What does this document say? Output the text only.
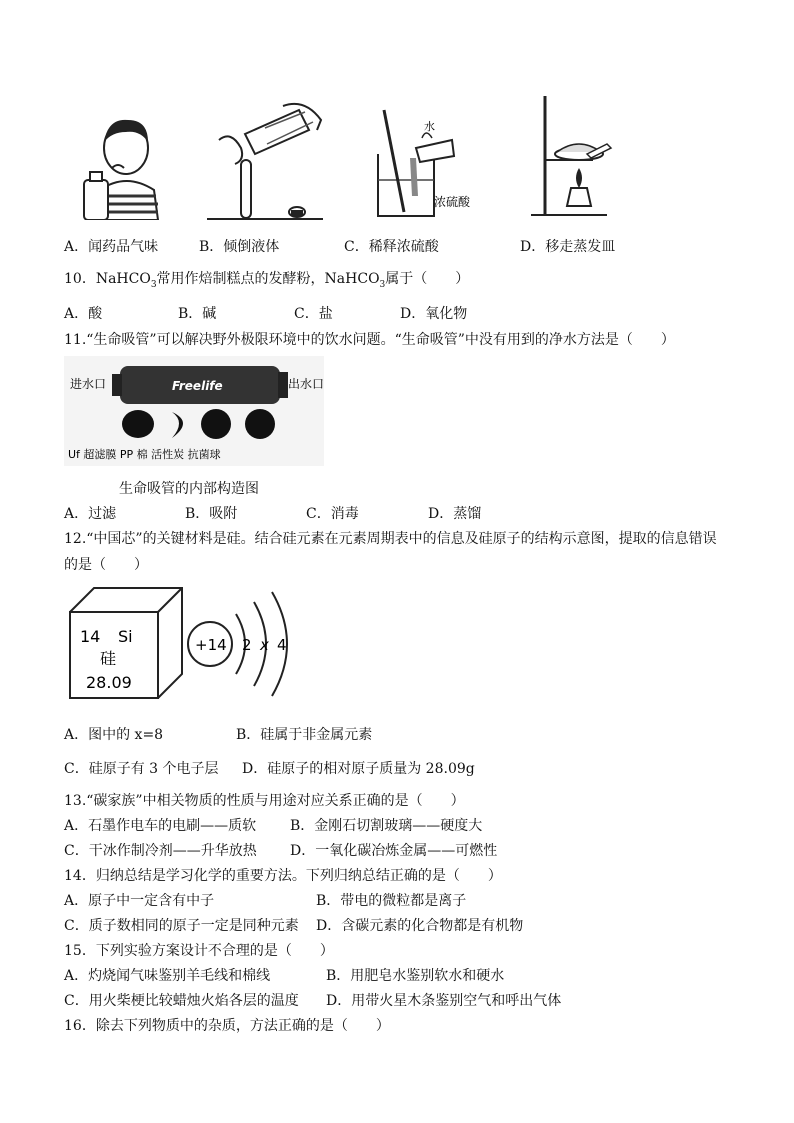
水
浓硫酸
A．闻药品气味	B．倾倒液体	C．稀释浓硫酸	D．移走蒸发皿
10．NaHCO$_3$常用作焙制糕点的发酵粉，NaHCO$_3$属于（　　）
A．酸	B．碱	C．盐	D．氧化物
11.“生命吸管”可以解决野外极限环境中的饮水问题。“生命吸管”中没有用到的净水方法是（　　）
进水口	出水口
Freelife
Uf 超滤膜 PP 棉 活性炭 抗菌球
生命吸管的内部构造图
A．过滤	B．吸附	C．消毒	D．蒸馏
12.“中国芯”的关键材料是硅。结合硅元素在元素周期表中的信息及硅原子的结构示意图，提取的信息错误
的是（　　）
14 Si
硅
28.09
+14 2 x 4
A．图中的 x=8	B．硅属于非金属元素
C．硅原子有 3 个电子层 D．硅原子的相对原子质量为 28.09g
13.“碳家族”中相关物质的性质与用途对应关系正确的是（　　）
A．石墨作电车的电刷——质软 B．金刚石切割玻璃——硬度大
C．干冰作制冷剂——升华放热 D．一氧化碳冶炼金属——可燃性
14．归纳总结是学习化学的重要方法。下列归纳总结正确的是（　　）
A．原子中一定含有中子	B．带电的微粒都是离子
C．质子数相同的原子一定是同种元素 D．含碳元素的化合物都是有机物
15．下列实验方案设计不合理的是（　　）
A．灼烧闻气味鉴别羊毛线和棉线	B．用肥皂水鉴别软水和硬水
C．用火柴梗比较蜡烛火焰各层的温度 D．用带火星木条鉴别空气和呼出气体
16．除去下列物质中的杂质，方法正确的是（　　）
